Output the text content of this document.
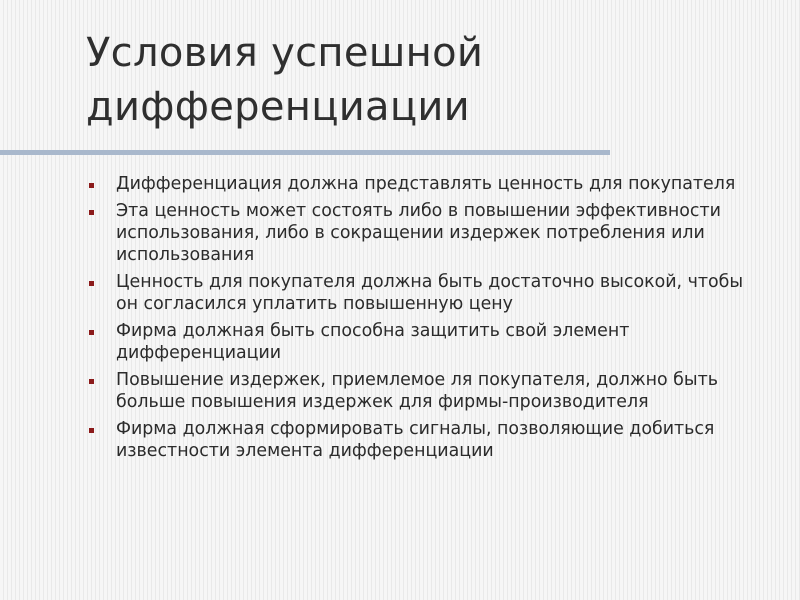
Условия успешной
дифференциации
Дифференциация должна представлять ценность для покупателя
Эта ценность может состоять либо в повышении эффективности использования, либо в сокращении издержек потребления или использования
Ценность для покупателя должна быть достаточно высокой, чтобы он согласился уплатить повышенную цену
Фирма должная быть способна защитить свой элемент дифференциации
Повышение издержек, приемлемое ля покупателя, должно быть больше повышения издержек для фирмы-производителя
Фирма должная сформировать сигналы, позволяющие добиться известности элемента дифференциации
